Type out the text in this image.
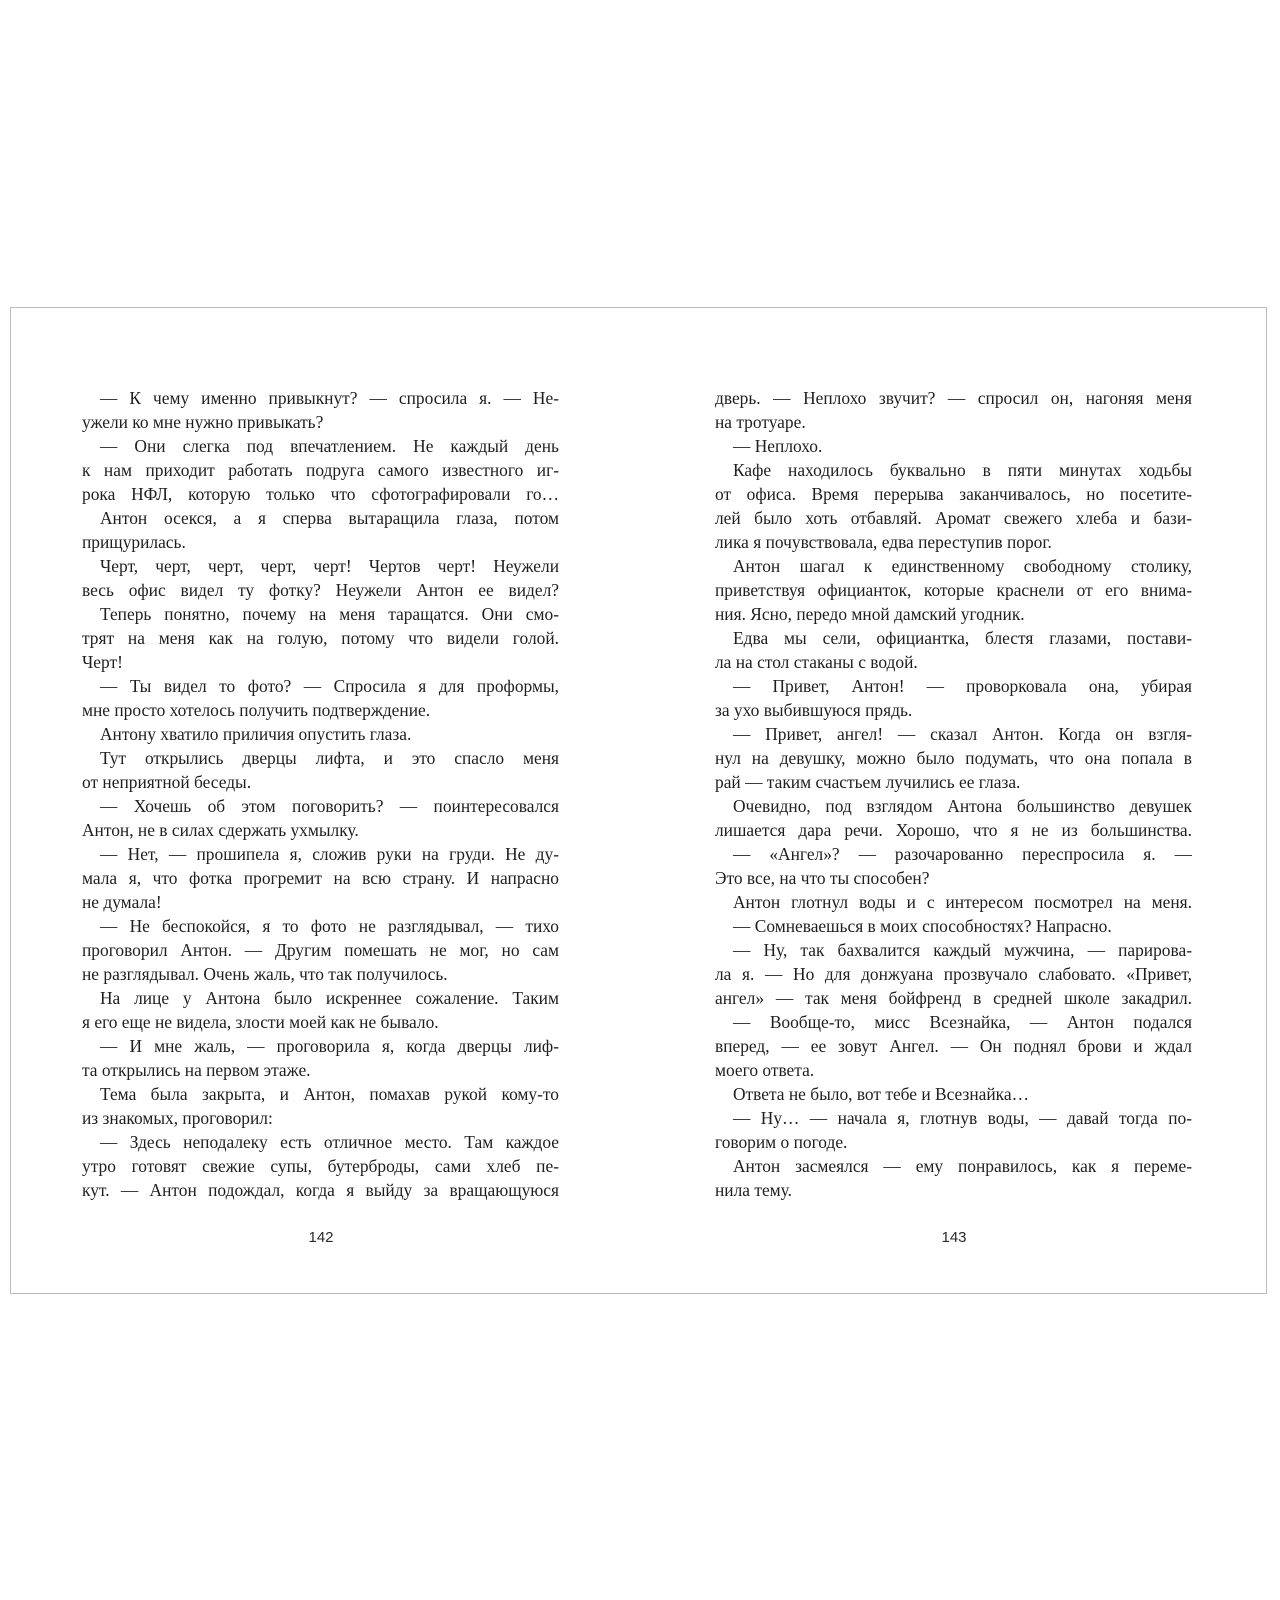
— К чему именно привыкнут? — спросила я. — Не-
ужели ко мне нужно привыкать?
— Они слегка под впечатлением. Не каждый день
к нам приходит работать подруга самого известного иг-
рока НФЛ, которую только что сфотографировали го…
Антон осекся, а я сперва вытаращила глаза, потом
прищурилась.
Черт, черт, черт, черт, черт! Чертов черт! Неужели
весь офис видел ту фотку? Неужели Антон ее видел?
Теперь понятно, почему на меня таращатся. Они смо-
трят на меня как на голую, потому что видели голой.
Черт!
— Ты видел то фото? — Спросила я для проформы,
мне просто хотелось получить подтверждение.
Антону хватило приличия опустить глаза.
Тут открылись дверцы лифта, и это спасло меня
от неприятной беседы.
— Хочешь об этом поговорить? — поинтересовался
Антон, не в силах сдержать ухмылку.
— Нет, — прошипела я, сложив руки на груди. Не ду-
мала я, что фотка прогремит на всю страну. И напрасно
не думала!
— Не беспокойся, я то фото не разглядывал, — тихо
проговорил Антон. — Другим помешать не мог, но сам
не разглядывал. Очень жаль, что так получилось.
На лице у Антона было искреннее сожаление. Таким
я его еще не видела, злости моей как не бывало.
— И мне жаль, — проговорила я, когда дверцы лиф-
та открылись на первом этаже.
Тема была закрыта, и Антон, помахав рукой кому-то
из знакомых, проговорил:
— Здесь неподалеку есть отличное место. Там каждое
утро готовят свежие супы, бутерброды, сами хлеб пе-
кут. — Антон подождал, когда я выйду за вращающуюся
дверь. — Неплохо звучит? — спросил он, нагоняя меня
на тротуаре.
— Неплохо.
Кафе находилось буквально в пяти минутах ходьбы
от офиса. Время перерыва заканчивалось, но посетите-
лей было хоть отбавляй. Аромат свежего хлеба и бази-
лика я почувствовала, едва переступив порог.
Антон шагал к единственному свободному столику,
приветствуя официанток, которые краснели от его внима-
ния. Ясно, передо мной дамский угодник.
Едва мы сели, официантка, блестя глазами, постави-
ла на стол стаканы с водой.
— Привет, Антон! — проворковала она, убирая
за ухо выбившуюся прядь.
— Привет, ангел! — сказал Антон. Когда он взгля-
нул на девушку, можно было подумать, что она попала в
рай — таким счастьем лучились ее глаза.
Очевидно, под взглядом Антона большинство девушек
лишается дара речи. Хорошо, что я не из большинства.
— «Ангел»? — разочарованно переспросила я. —
Это все, на что ты способен?
Антон глотнул воды и с интересом посмотрел на меня.
— Сомневаешься в моих способностях? Напрасно.
— Ну, так бахвалится каждый мужчина, — парирова-
ла я. — Но для донжуана прозвучало слабовато. «Привет,
ангел» — так меня бойфренд в средней школе закадрил.
— Вообще-то, мисс Всезнайка, — Антон подался
вперед, — ее зовут Ангел. — Он поднял брови и ждал
моего ответа.
Ответа не было, вот тебе и Всезнайка…
— Ну… — начала я, глотнув воды, — давай тогда по-
говорим о погоде.
Антон засмеялся — ему понравилось, как я переме-
нила тему.
142	143
